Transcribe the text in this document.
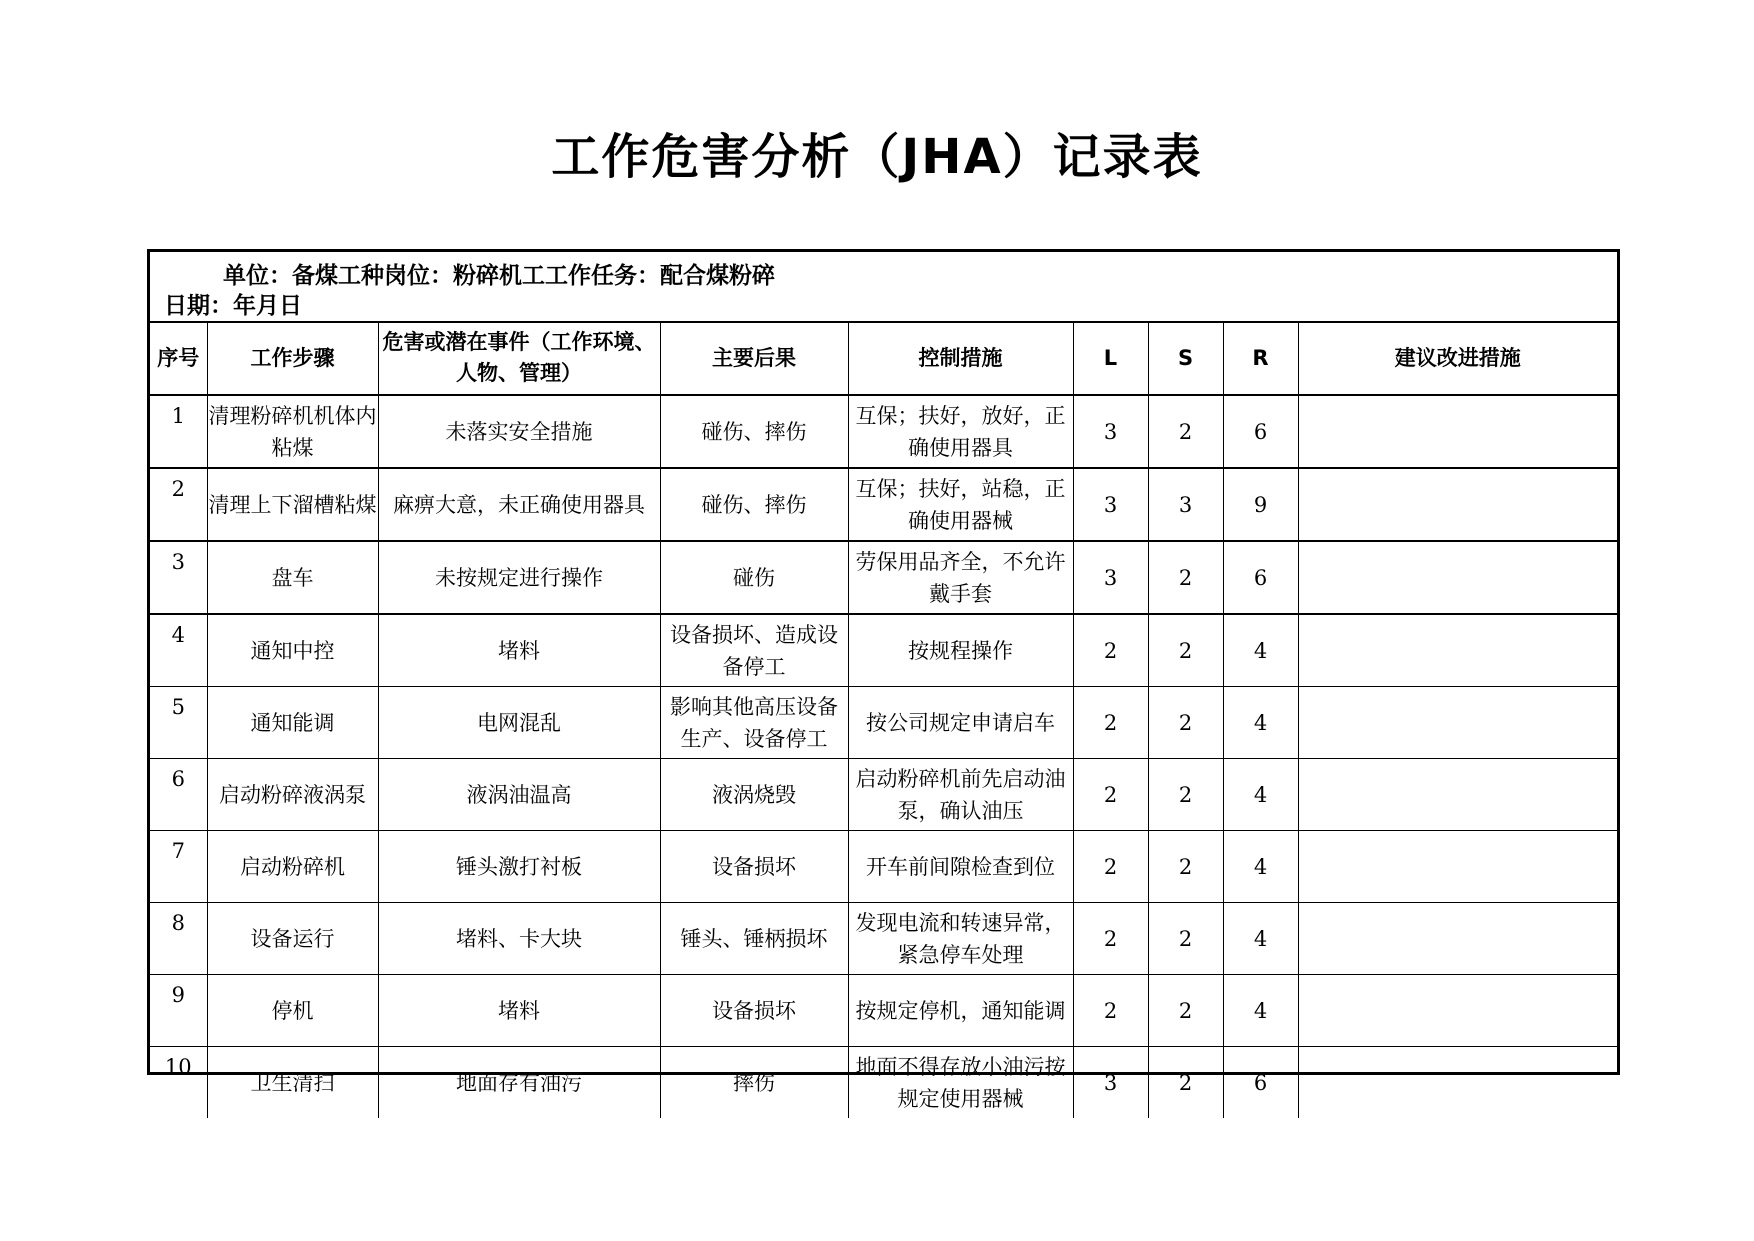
工作危害分析（JHA）记录表
单位：备煤工种岗位：粉碎机工工作任务：配合煤粉碎
日期：年月日
序号	工作步骤	危害或潜在事件（工作环境、人物、管理）	主要后果	控制措施	L	S	R	建议改进措施
1	清理粉碎机机体内粘煤	未落实安全措施	碰伤、摔伤	互保；扶好，放好，正确使用器具	3	2	6	
2	清理上下溜槽粘煤	麻痹大意，未正确使用器具	碰伤、摔伤	互保；扶好，站稳，正确使用器械	3	3	9	
3	盘车	未按规定进行操作	碰伤	劳保用品齐全，不允许戴手套	3	2	6	
4	通知中控	堵料	设备损坏、造成设备停工	按规程操作	2	2	4	
5	通知能调	电网混乱	影响其他高压设备生产、设备停工	按公司规定申请启车	2	2	4	
6	启动粉碎液涡泵	液涡油温高	液涡烧毁	启动粉碎机前先启动油泵，确认油压	2	2	4	
7	启动粉碎机	锤头激打衬板	设备损坏	开车前间隙检查到位	2	2	4	
8	设备运行	堵料、卡大块	锤头、锤柄损坏	发现电流和转速异常，紧急停车处理	2	2	4	
9	停机	堵料	设备损坏	按规定停机，通知能调	2	2	4	
10	卫生清扫	地面存有油污	摔伤	地面不得存放小油污按规定使用器械	3	2	6	
